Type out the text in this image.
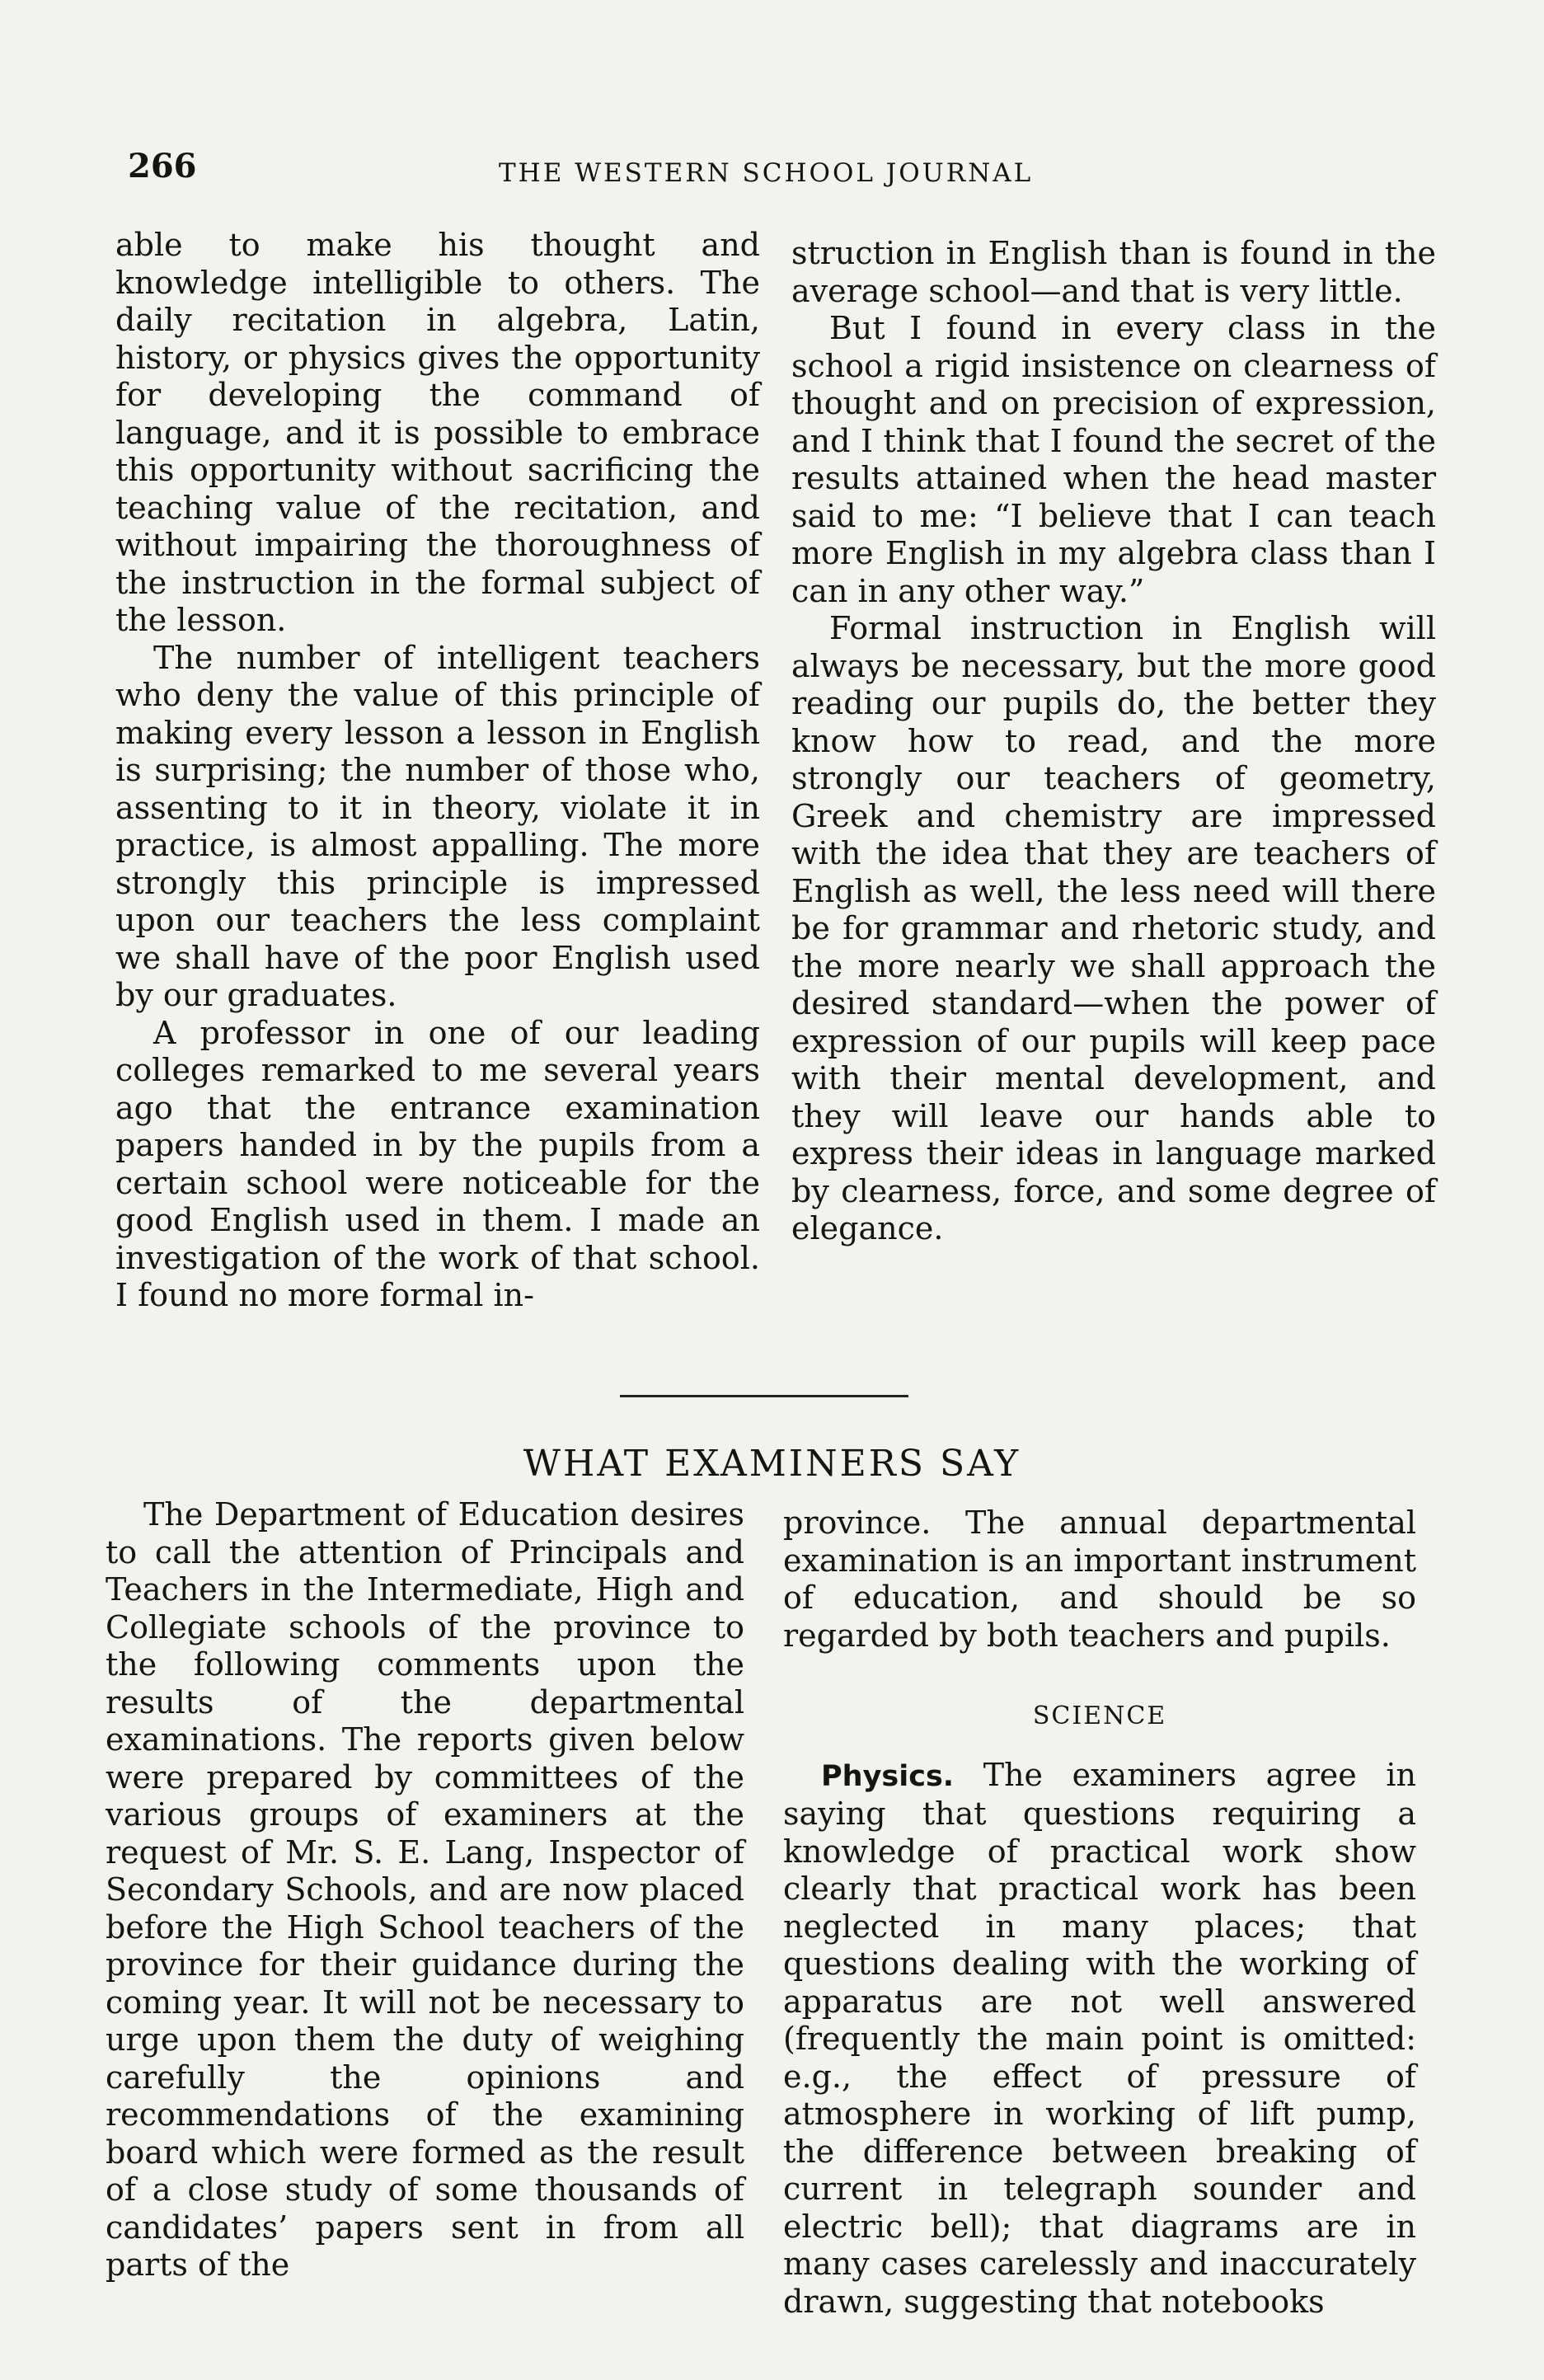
266	THE WESTERN SCHOOL JOURNAL

able to make his thought and knowledge intelligible to others. The daily recitation in algebra, Latin, history, or physics gives the opportunity for developing the command of language, and it is possible to embrace this opportunity without sacrificing the teaching value of the recitation, and without impairing the thoroughness of the instruction in the formal subject of the lesson.

The number of intelligent teachers who deny the value of this principle of making every lesson a lesson in English is surprising; the number of those who, assenting to it in theory, violate it in practice, is almost appalling. The more strongly this principle is impressed upon our teachers the less complaint we shall have of the poor English used by our graduates.

A professor in one of our leading colleges remarked to me several years ago that the entrance examination papers handed in by the pupils from a certain school were noticeable for the good English used in them. I made an investigation of the work of that school. I found no more formal in-

struction in English than is found in the average school—and that is very little.

But I found in every class in the school a rigid insistence on clearness of thought and on precision of expression, and I think that I found the secret of the results attained when the head master said to me: “I believe that I can teach more English in my algebra class than I can in any other way.”

Formal instruction in English will always be necessary, but the more good reading our pupils do, the better they know how to read, and the more strongly our teachers of geometry, Greek and chemistry are impressed with the idea that they are teachers of English as well, the less need will there be for grammar and rhetoric study, and the more nearly we shall approach the desired standard—when the power of expression of our pupils will keep pace with their mental development, and they will leave our hands able to express their ideas in language marked by clearness, force, and some degree of elegance.

WHAT EXAMINERS SAY

The Department of Education desires to call the attention of Principals and Teachers in the Intermediate, High and Collegiate schools of the province to the following comments upon the results of the departmental examinations. The reports given below were prepared by committees of the various groups of examiners at the request of Mr. S. E. Lang, Inspector of Secondary Schools, and are now placed before the High School teachers of the province for their guidance during the coming year. It will not be necessary to urge upon them the duty of weighing carefully the opinions and recommendations of the examining board which were formed as the result of a close study of some thousands of candidates’ papers sent in from all parts of the

province. The annual departmental examination is an important instrument of education, and should be so regarded by both teachers and pupils.

SCIENCE

Physics. The examiners agree in saying that questions requiring a knowledge of practical work show clearly that practical work has been neglected in many places; that questions dealing with the working of apparatus are not well answered (frequently the main point is omitted: e.g., the effect of pressure of atmosphere in working of lift pump, the difference between breaking of current in telegraph sounder and electric bell); that diagrams are in many cases carelessly and inaccurately drawn, suggesting that notebooks
